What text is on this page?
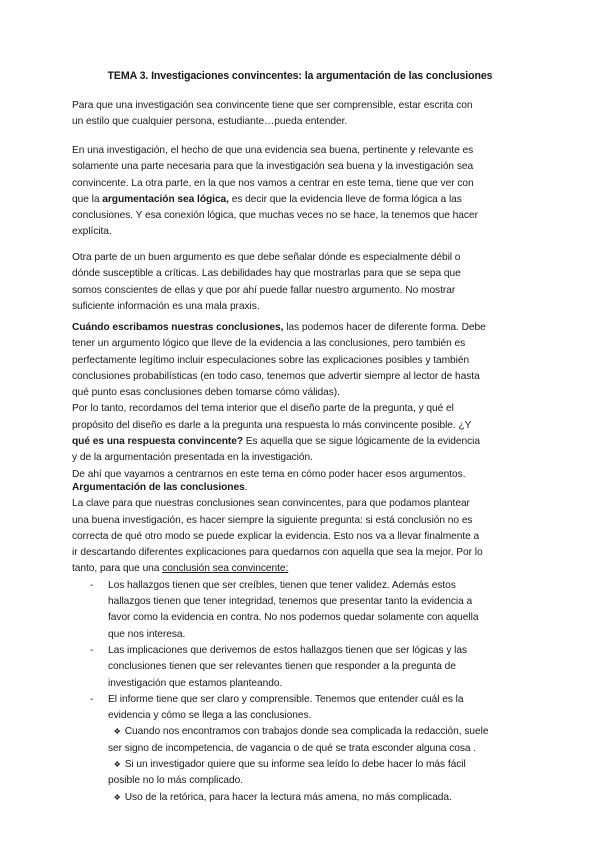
TEMA 3. Investigaciones convincentes: la argumentación de las conclusiones
Para que una investigación sea convincente tiene que ser comprensible, estar escrita con
un estilo que cualquier persona, estudiante…pueda entender.
En una investigación, el hecho de que una evidencia sea buena, pertinente y relevante es
solamente una parte necesaria para que la investigación sea buena y la investigación sea
convincente. La otra parte, en la que nos vamos a centrar en este tema, tiene que ver con
que la argumentación sea lógica, es decir que la evidencia lleve de forma lógica a las
conclusiones. Y esa conexión lógica, que muchas veces no se hace, la tenemos que hacer
explícita.
Otra parte de un buen argumento es que debe señalar dónde es especialmente débil o
dónde susceptible a críticas. Las debilidades hay que mostrarlas para que se sepa que
somos conscientes de ellas y que por ahí puede fallar nuestro argumento. No mostrar
suficiente información es una mala praxis.
Cuándo escribamos nuestras conclusiones, las podemos hacer de diferente forma. Debe
tener un argumento lógico que lleve de la evidencia a las conclusiones, pero también es
perfectamente legítimo incluir especulaciones sobre las explicaciones posibles y también
conclusiones probabilísticas (en todo caso, tenemos que advertir siempre al lector de hasta
qué punto esas conclusiones deben tomarse cómo válidas).
Por lo tanto, recordamos del tema interior que el diseño parte de la pregunta, y qué el
propósito del diseño es darle a la pregunta una respuesta lo más convincente posible. ¿Y
qué es una respuesta convincente? Es aquella que se sigue lógicamente de la evidencia
y de la argumentación presentada en la investigación.
De ahí que vayamos a centrarnos en este tema en cómo poder hacer esos argumentos.
Argumentación de las conclusiones.
La clave para que nuestras conclusiones sean convincentes, para que podamos plantear
una buena investigación, es hacer siempre la siguiente pregunta: si está conclusión no es
correcta de qué otro modo se puede explicar la evidencia. Esto nos va a llevar finalmente a
ir descartando diferentes explicaciones para quedarnos con aquella que sea la mejor. Por lo
tanto, para que una conclusión sea convincente:
- Los hallazgos tienen que ser creíbles, tienen que tener validez. Además estos
hallazgos tienen que tener integridad, tenemos que presentar tanto la evidencia a
favor como la evidencia en contra. No nos podemos quedar solamente con aquella
que nos interesa.
- Las implicaciones que derivemos de estos hallazgos tienen que ser lógicas y las
conclusiones tienen que ser relevantes tienen que responder a la pregunta de
investigación que estamos planteando.
- El informe tiene que ser claro y comprensible. Tenemos que entender cuál es la
evidencia y cómo se llega a las conclusiones.
❖ Cuando nos encontramos con trabajos donde sea complicada la redacción, suele
ser signo de incompetencia, de vagancia o de qué se trata esconder alguna cosa .
❖ Si un investigador quiere que su informe sea leído lo debe hacer lo más fácil
posible no lo más complicado.
❖ Uso de la retórica, para hacer la lectura más amena, no más complicada.
